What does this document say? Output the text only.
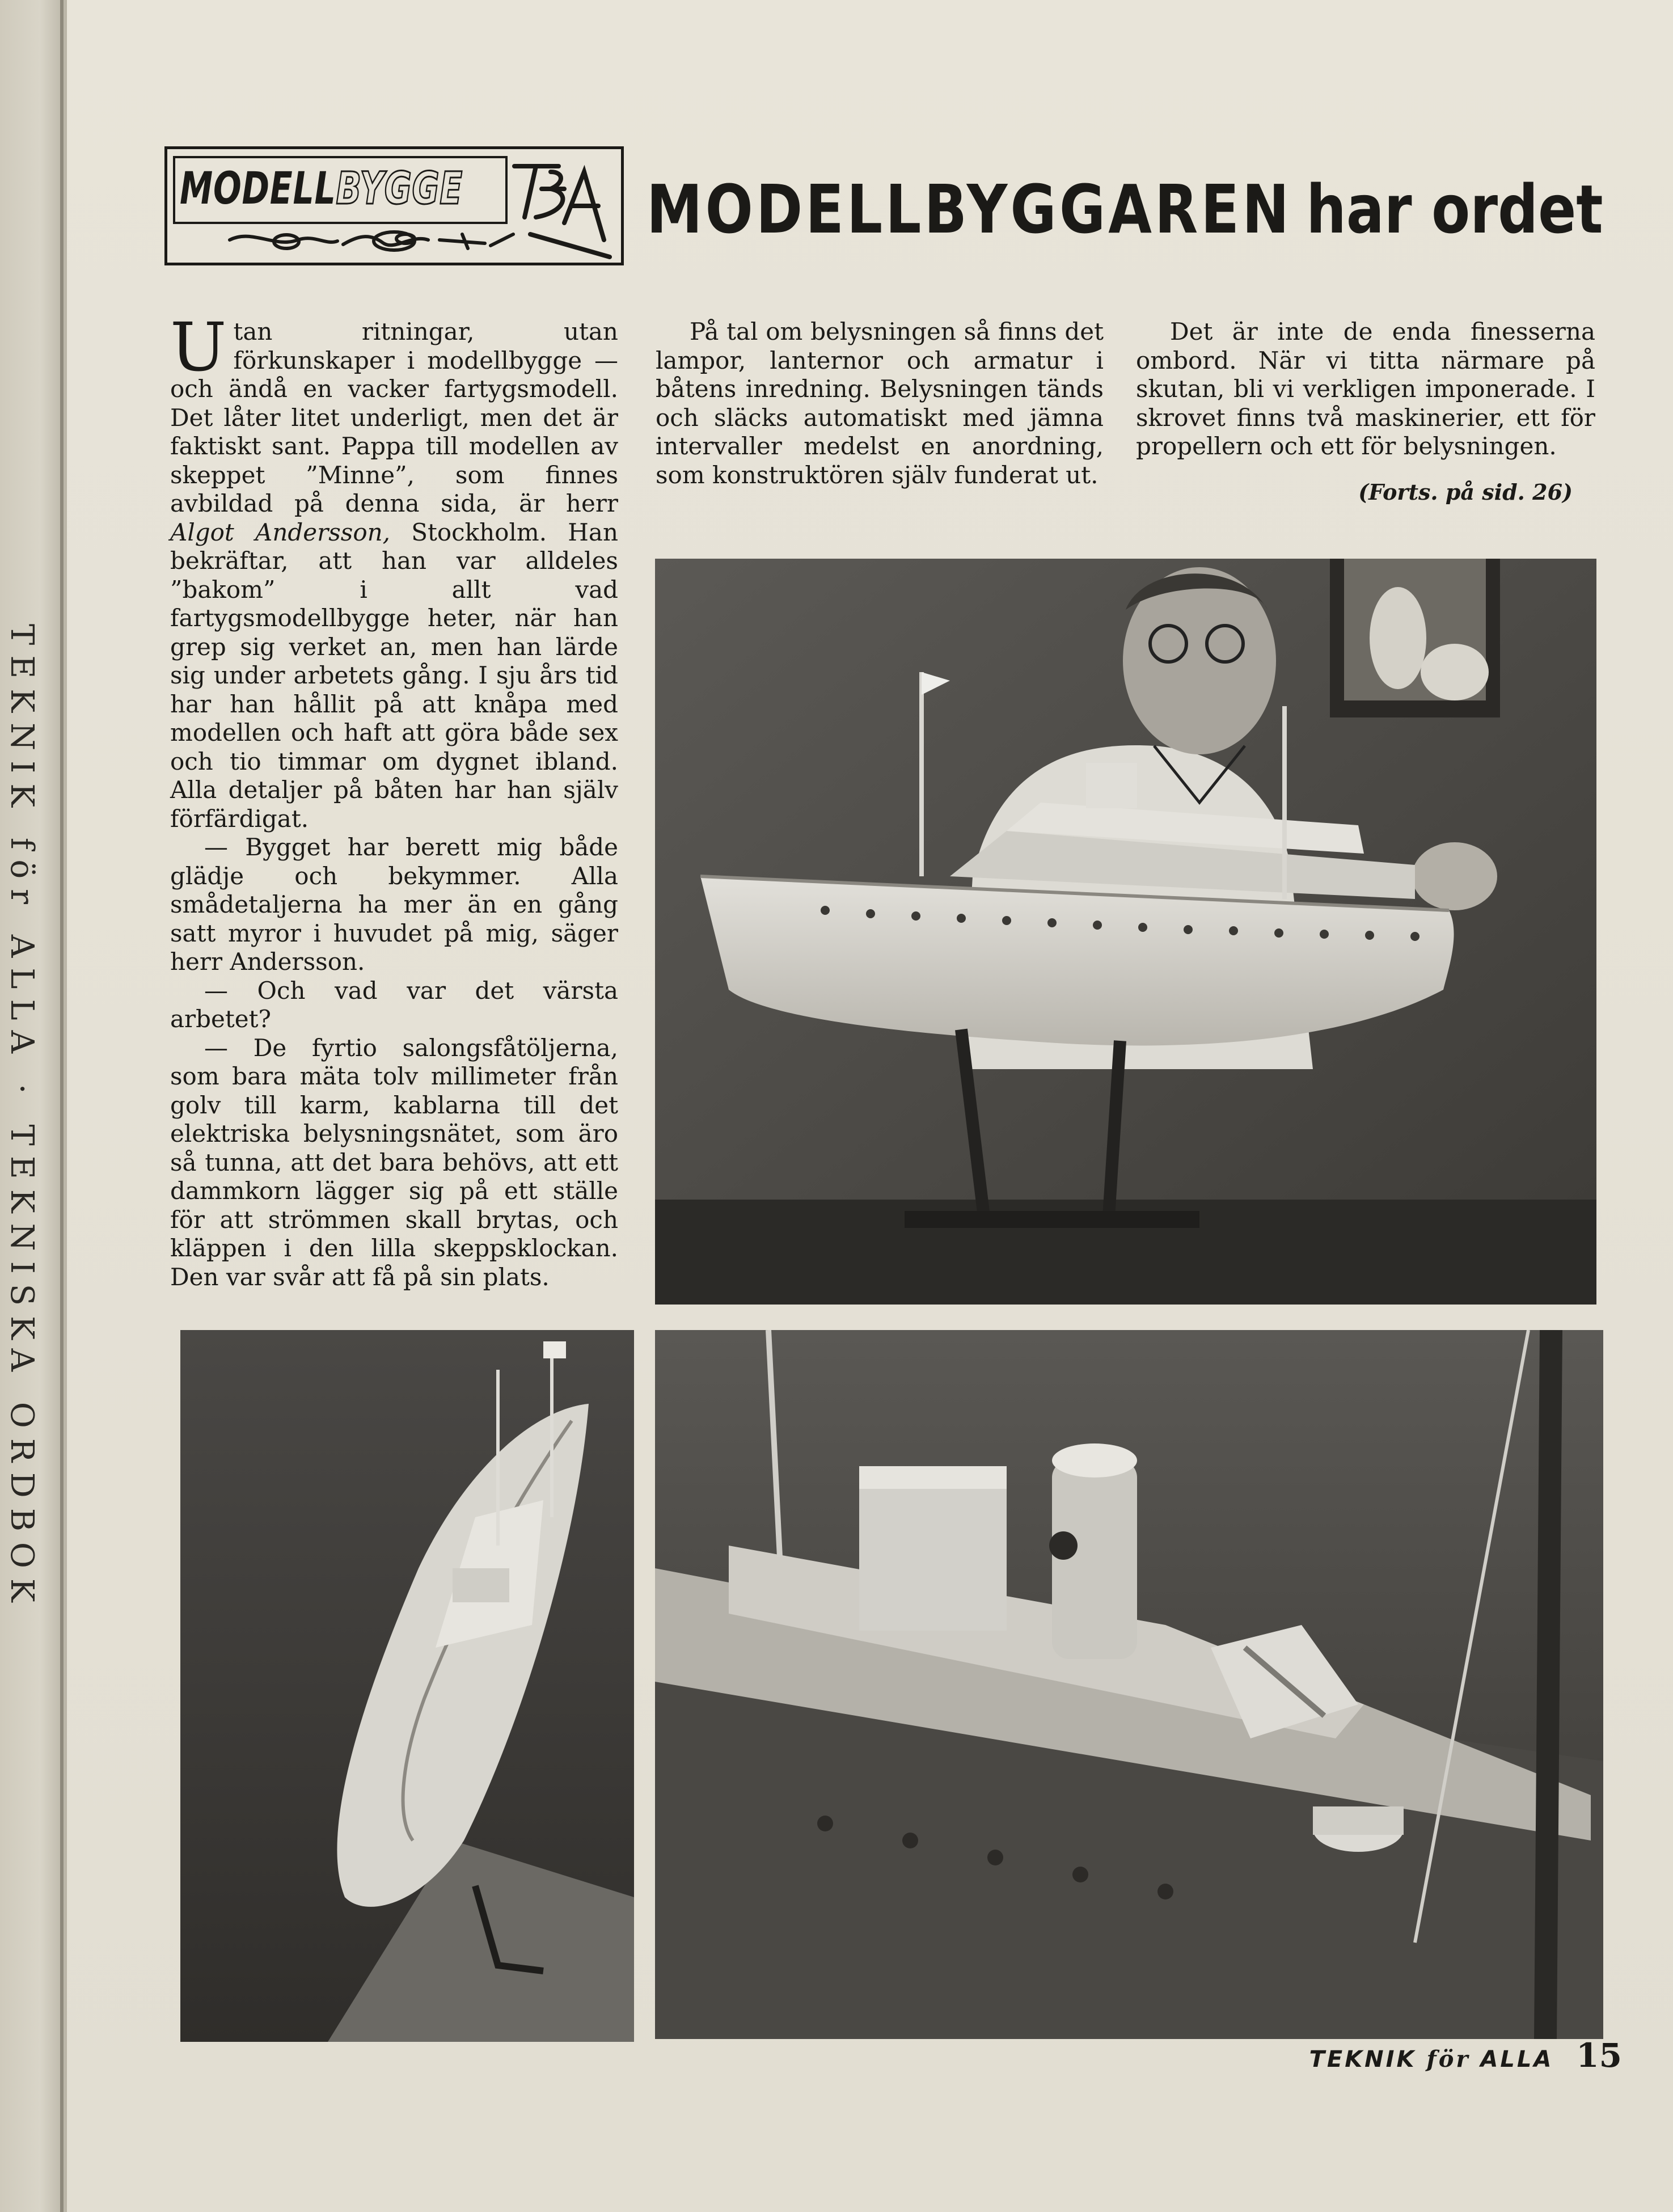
TEKNIK för ALLA · TEKNISKA ORDBOK
MODELLBYGGE	MODELLBYGGAREN har ordet

Utan ritningar, utan förkunskaper i modellbygge — och ändå en vacker fartygsmodell. Det låter litet underligt, men det är faktiskt sant. Pappa till modellen av skeppet ”Minne”, som finnes avbildad på denna sida, är herr Algot Andersson, Stockholm. Han bekräftar, att han var alldeles ”bakom” i allt vad fartygsmodellbygge heter, när han grep sig verket an, men han lärde sig under arbetets gång. I sju års tid har han hållit på att knåpa med modellen och haft att göra både sex och tio timmar om dygnet ibland. Alla detaljer på båten har han själv förfärdigat.

— Bygget har berett mig både glädje och bekymmer. Alla smådetaljerna ha mer än en gång satt myror i huvudet på mig, säger herr Andersson.

— Och vad var det värsta arbetet?

— De fyrtio salongsfåtöljerna, som bara mäta tolv millimeter från golv till karm, kablarna till det elektriska belysningsnätet, som äro så tunna, att det bara behövs, att ett dammkorn lägger sig på ett ställe för att strömmen skall brytas, och kläppen i den lilla skeppsklockan. Den var svår att få på sin plats.

På tal om belysningen så finns det lampor, lanternor och armatur i båtens inredning. Belysningen tänds och släcks automatiskt med jämna intervaller medelst en anordning, som konstruktören själv funderat ut.

Det är inte de enda finesserna ombord. När vi titta närmare på skutan, bli vi verkligen imponerade. I skrovet finns två maskinerier, ett för propellern och ett för belysningen.

(Forts. på sid. 26)
TEKNIK för ALLA 15
